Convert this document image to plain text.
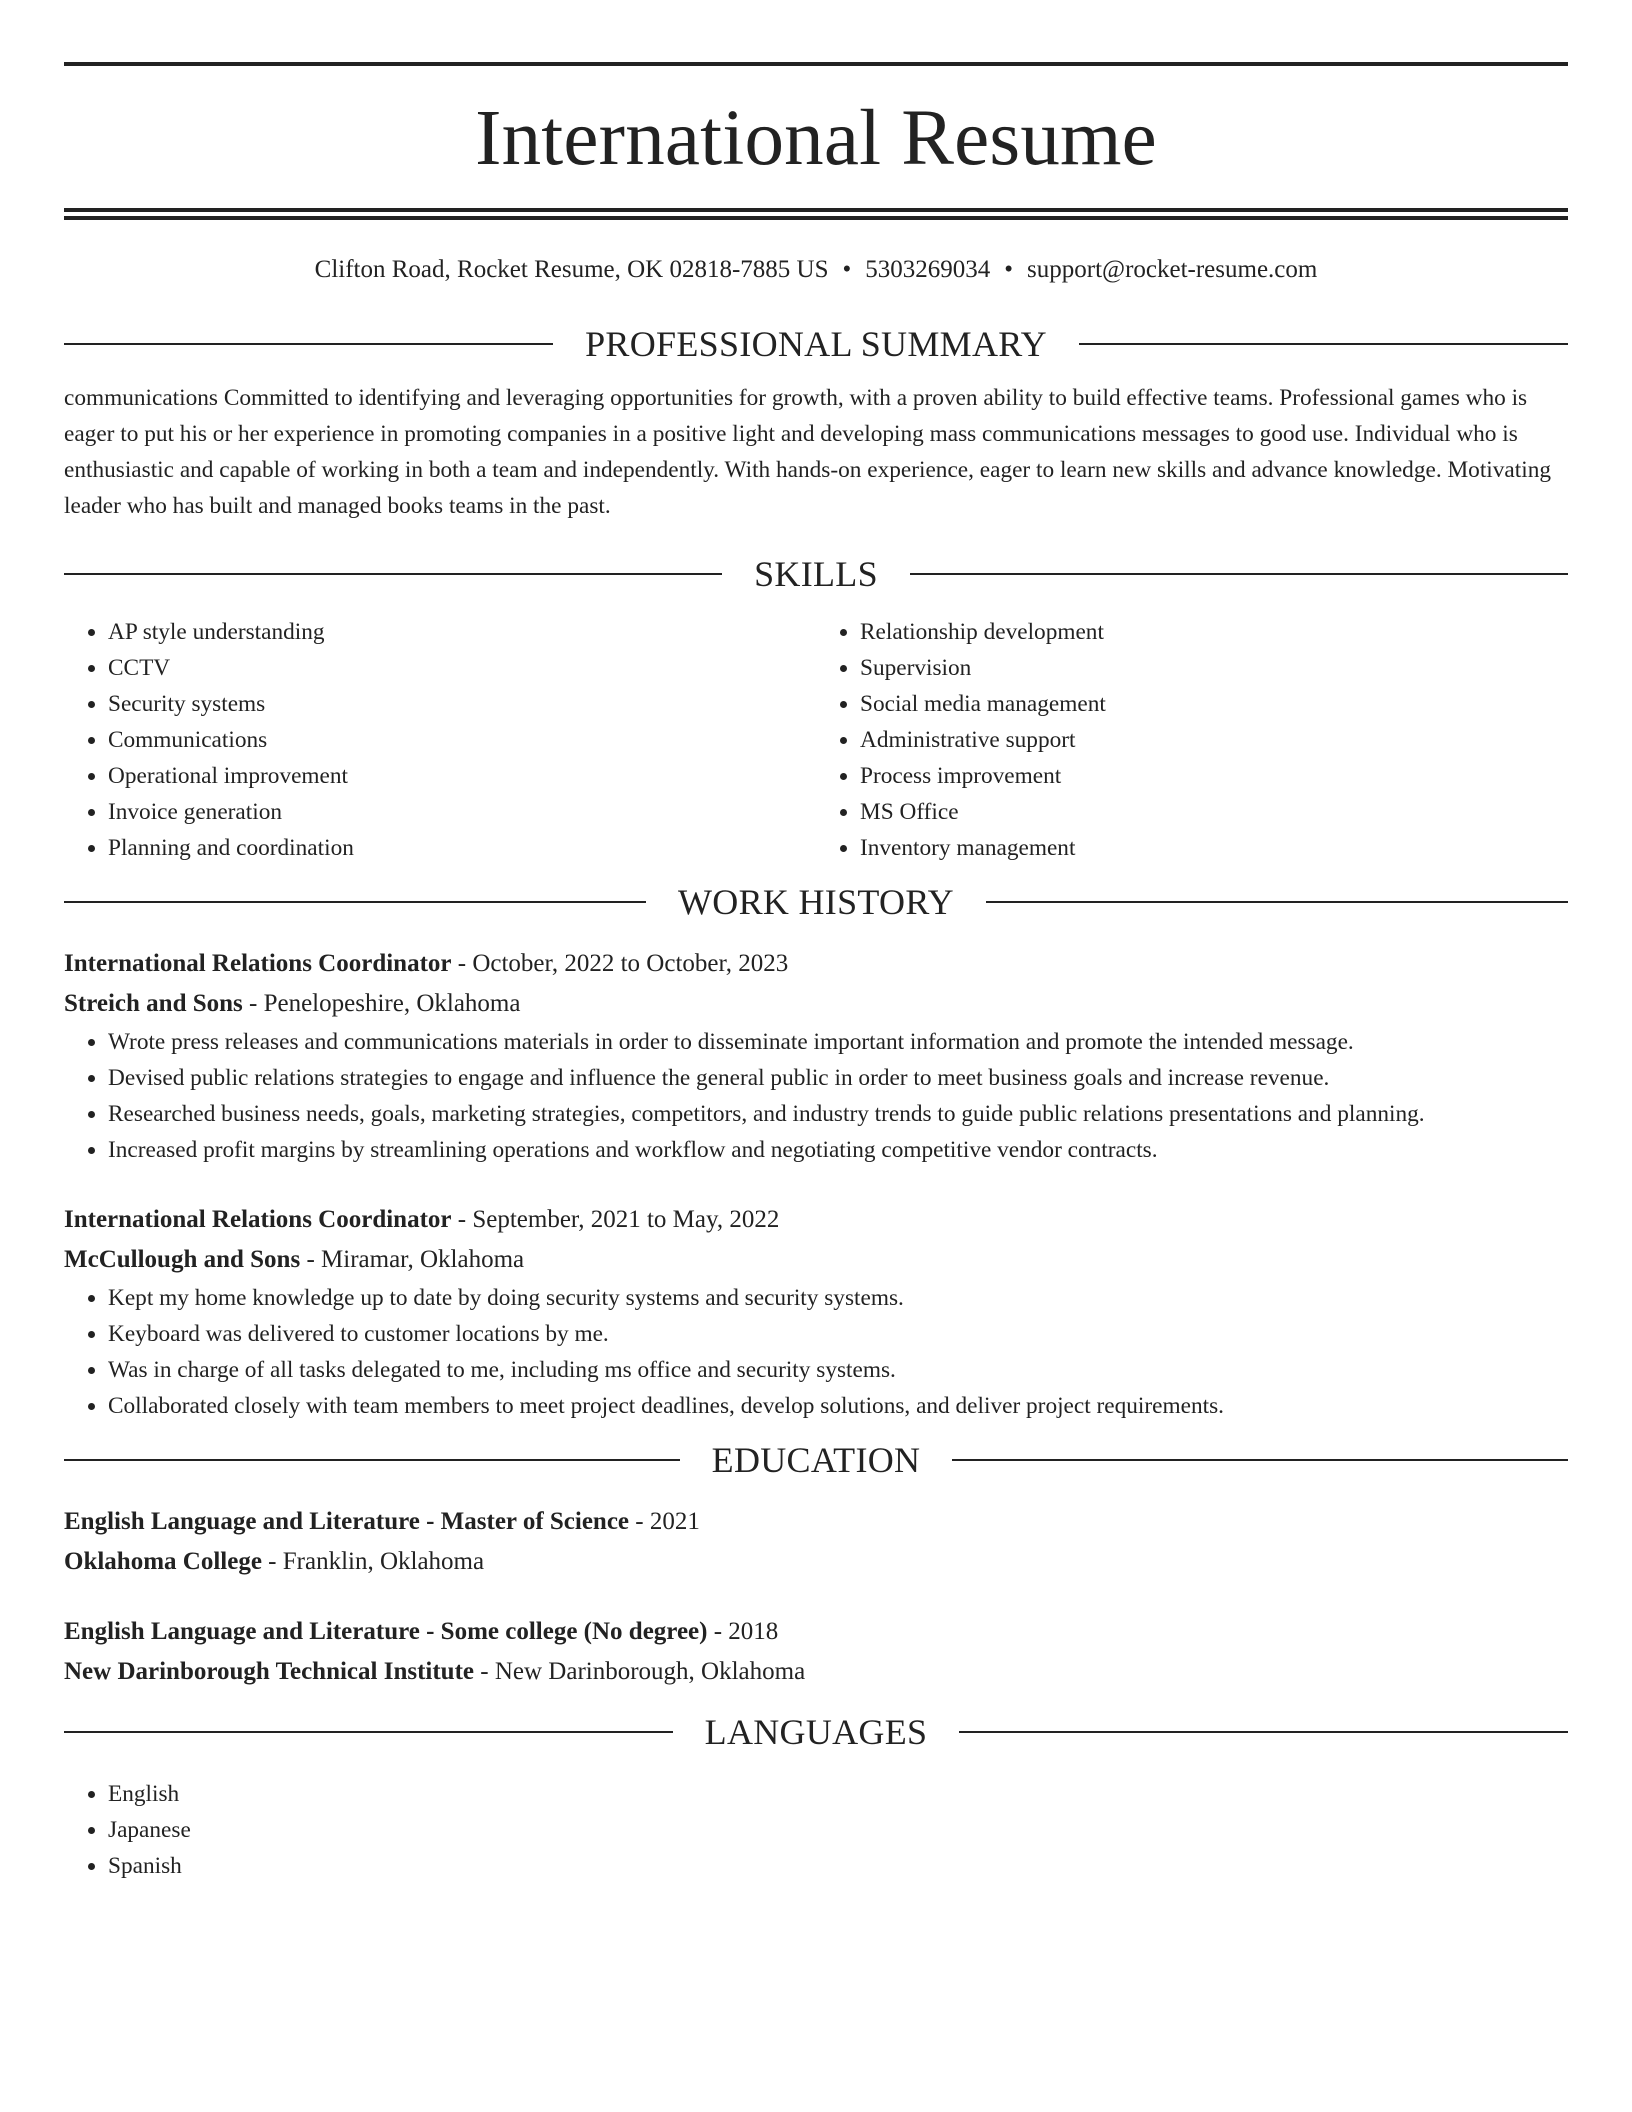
International Resume
Clifton Road, Rocket Resume, OK 02818-7885 US • 5303269034 • support@rocket-resume.com
PROFESSIONAL SUMMARY

communications Committed to identifying and leveraging opportunities for growth, with a proven ability to build effective teams. Professional games who is eager to put his or her experience in promoting companies in a positive light and developing mass communications messages to good use. Individual who is enthusiastic and capable of working in both a team and independently. With hands-on experience, eager to learn new skills and advance knowledge. Motivating leader who has built and managed books teams in the past.

SKILLS
• AP style understanding
• CCTV
• Security systems
• Communications
• Operational improvement
• Invoice generation
• Planning and coordination
• Relationship development
• Supervision
• Social media management
• Administrative support
• Process improvement
• MS Office
• Inventory management
WORK HISTORY
International Relations Coordinator - October, 2022 to October, 2023
Streich and Sons - Penelopeshire, Oklahoma
• Wrote press releases and communications materials in order to disseminate important information and promote the intended message.
• Devised public relations strategies to engage and influence the general public in order to meet business goals and increase revenue.
• Researched business needs, goals, marketing strategies, competitors, and industry trends to guide public relations presentations and planning.
• Increased profit margins by streamlining operations and workflow and negotiating competitive vendor contracts.
International Relations Coordinator - September, 2021 to May, 2022
McCullough and Sons - Miramar, Oklahoma
• Kept my home knowledge up to date by doing security systems and security systems.
• Keyboard was delivered to customer locations by me.
• Was in charge of all tasks delegated to me, including ms office and security systems.
• Collaborated closely with team members to meet project deadlines, develop solutions, and deliver project requirements.
EDUCATION
English Language and Literature - Master of Science - 2021
Oklahoma College - Franklin, Oklahoma
English Language and Literature - Some college (No degree) - 2018
New Darinborough Technical Institute - New Darinborough, Oklahoma
LANGUAGES
• English
• Japanese
• Spanish
